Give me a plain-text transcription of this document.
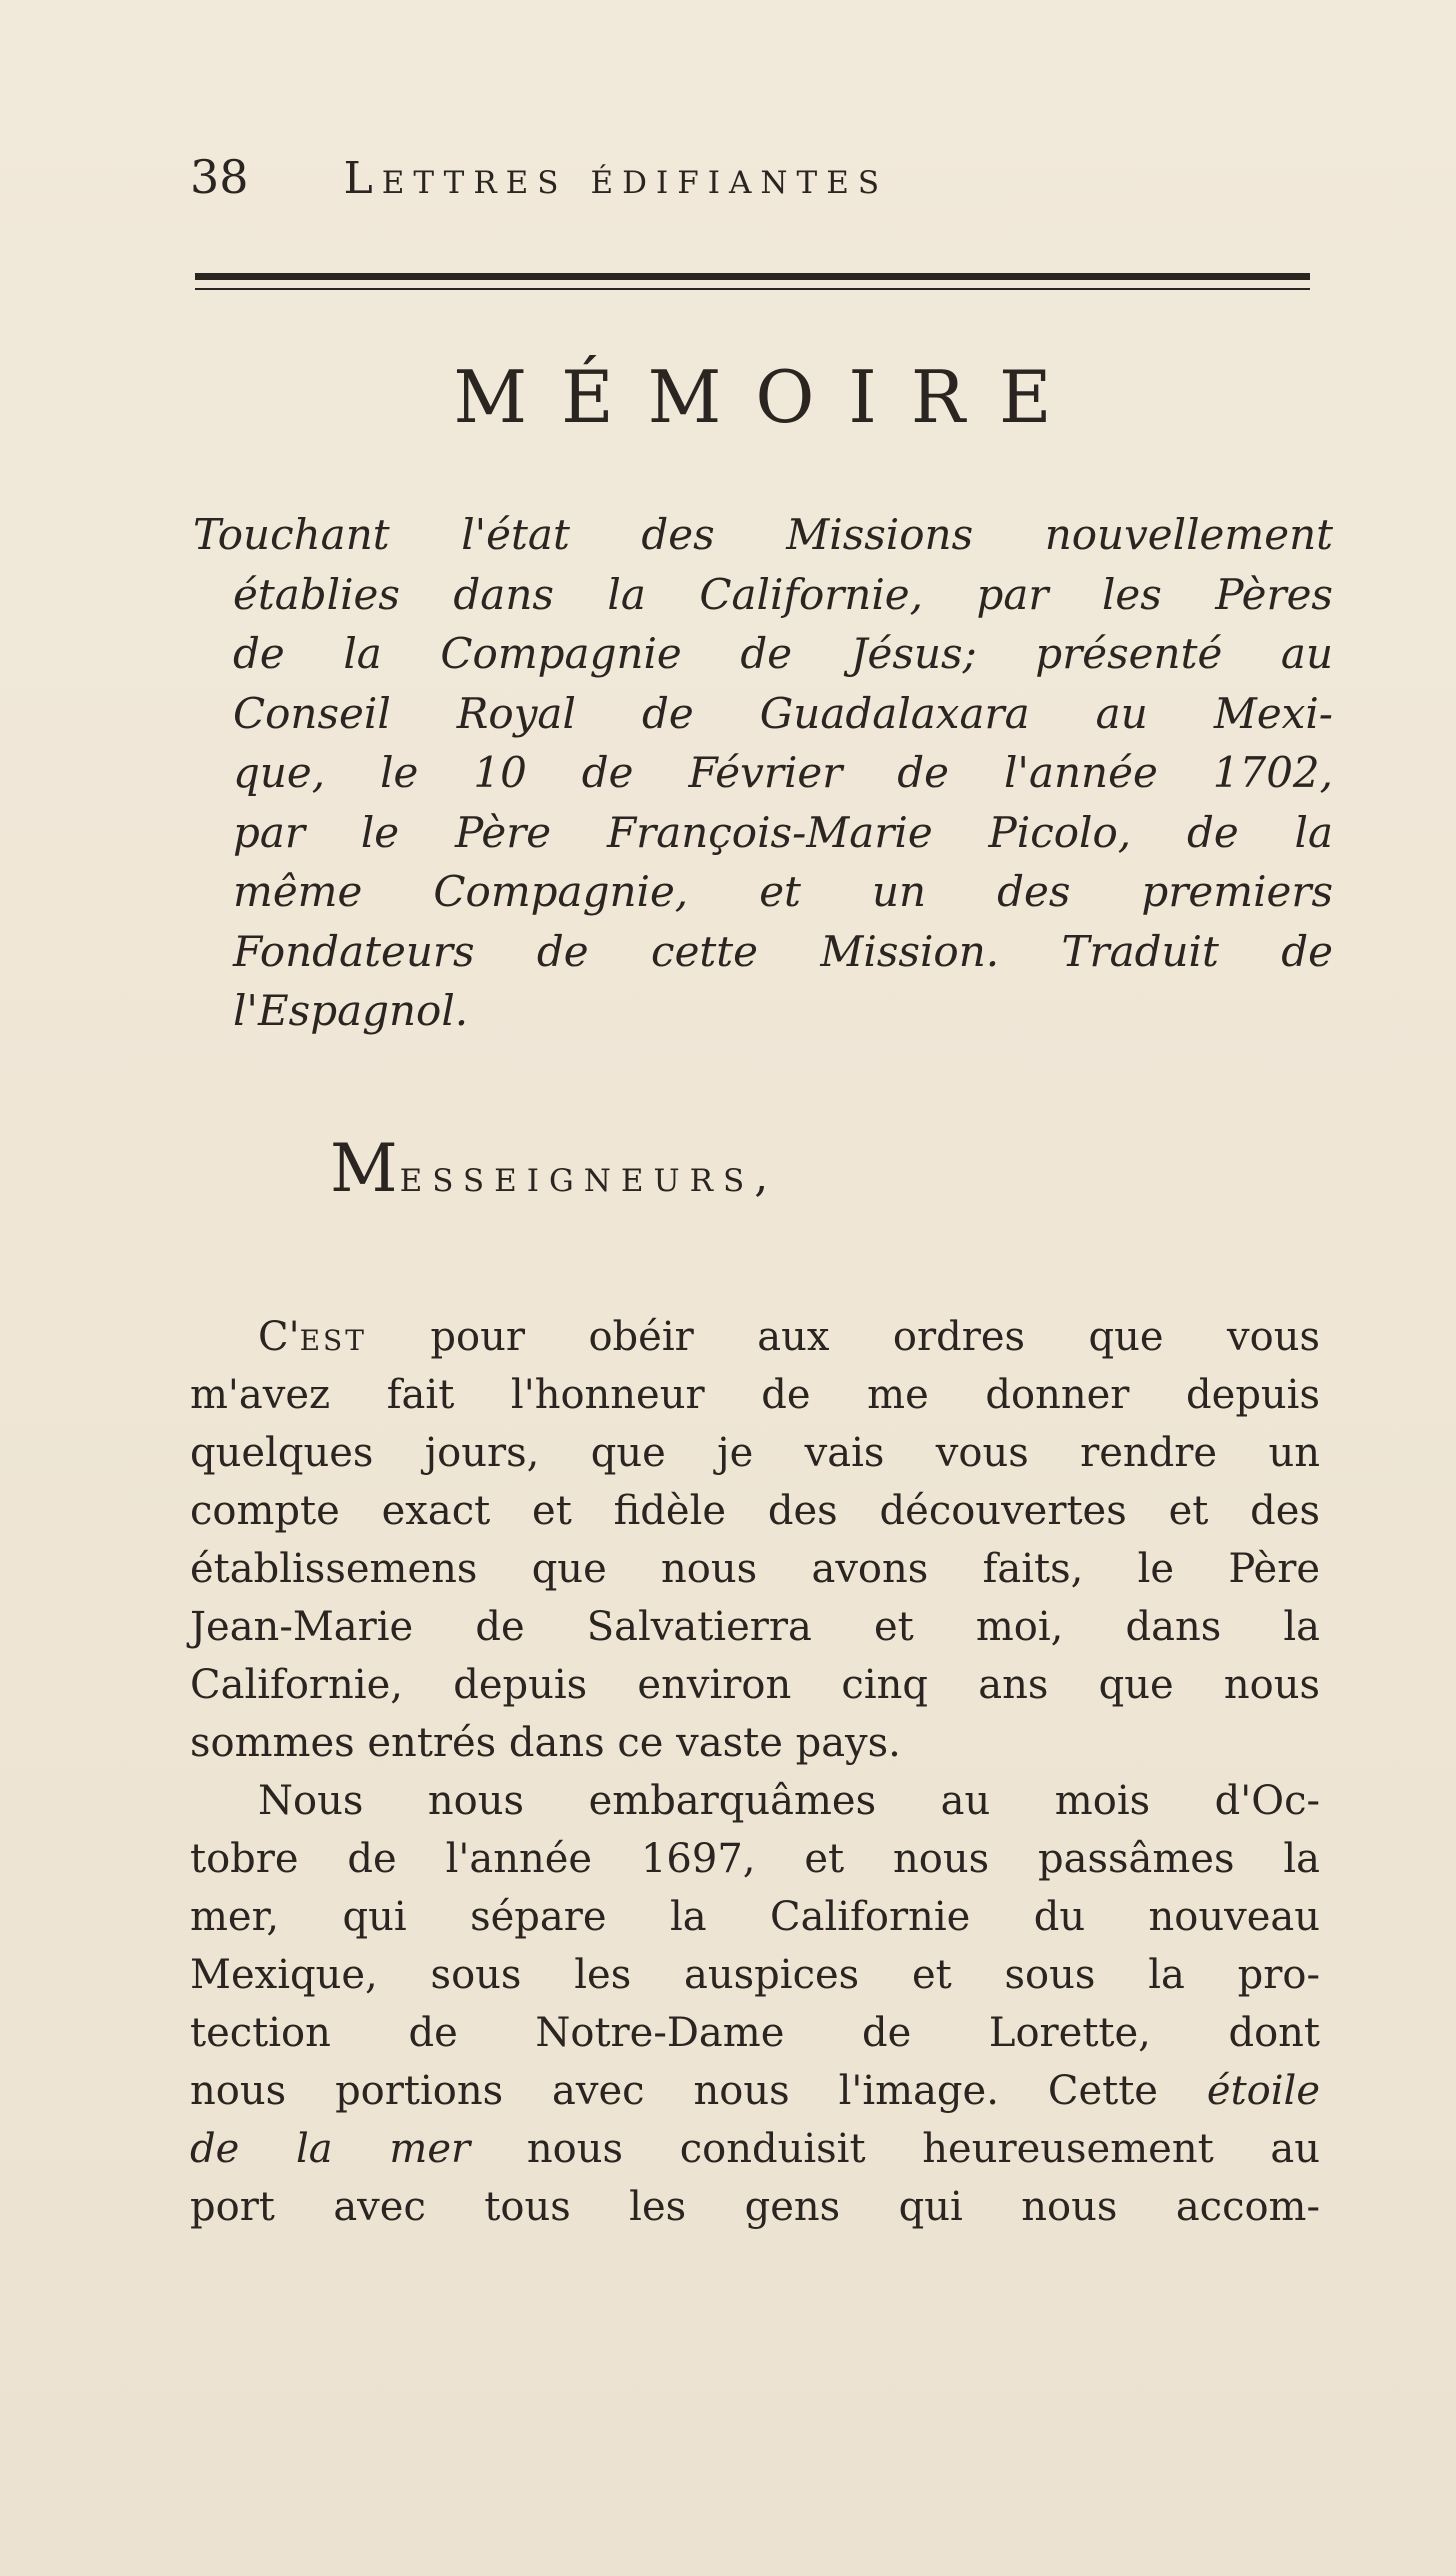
38 Lettres édifiantes
MÉMOIRE
Touchant l'état des Missions nouvellement
établies dans la Californie, par les Pères
de la Compagnie de Jésus; présenté au
Conseil Royal de Guadalaxara au Mexi-
que, le 10 de Février de l'année 1702,
par le Père François-Marie Picolo, de la
même Compagnie, et un des premiers
Fondateurs de cette Mission. Traduit de
l'Espagnol.
Messeigneurs,
C'est pour obéir aux ordres que vous
m'avez fait l'honneur de me donner depuis
quelques jours, que je vais vous rendre un
compte exact et fidèle des découvertes et des
établissemens que nous avons faits, le Père
Jean-Marie de Salvatierra et moi, dans la
Californie, depuis environ cinq ans que nous
sommes entrés dans ce vaste pays.
Nous nous embarquâmes au mois d'Oc-
tobre de l'année 1697, et nous passâmes la
mer, qui sépare la Californie du nouveau
Mexique, sous les auspices et sous la pro-
tection de Notre-Dame de Lorette, dont
nous portions avec nous l'image. Cette étoile
de la mer nous conduisit heureusement au
port avec tous les gens qui nous accom-
